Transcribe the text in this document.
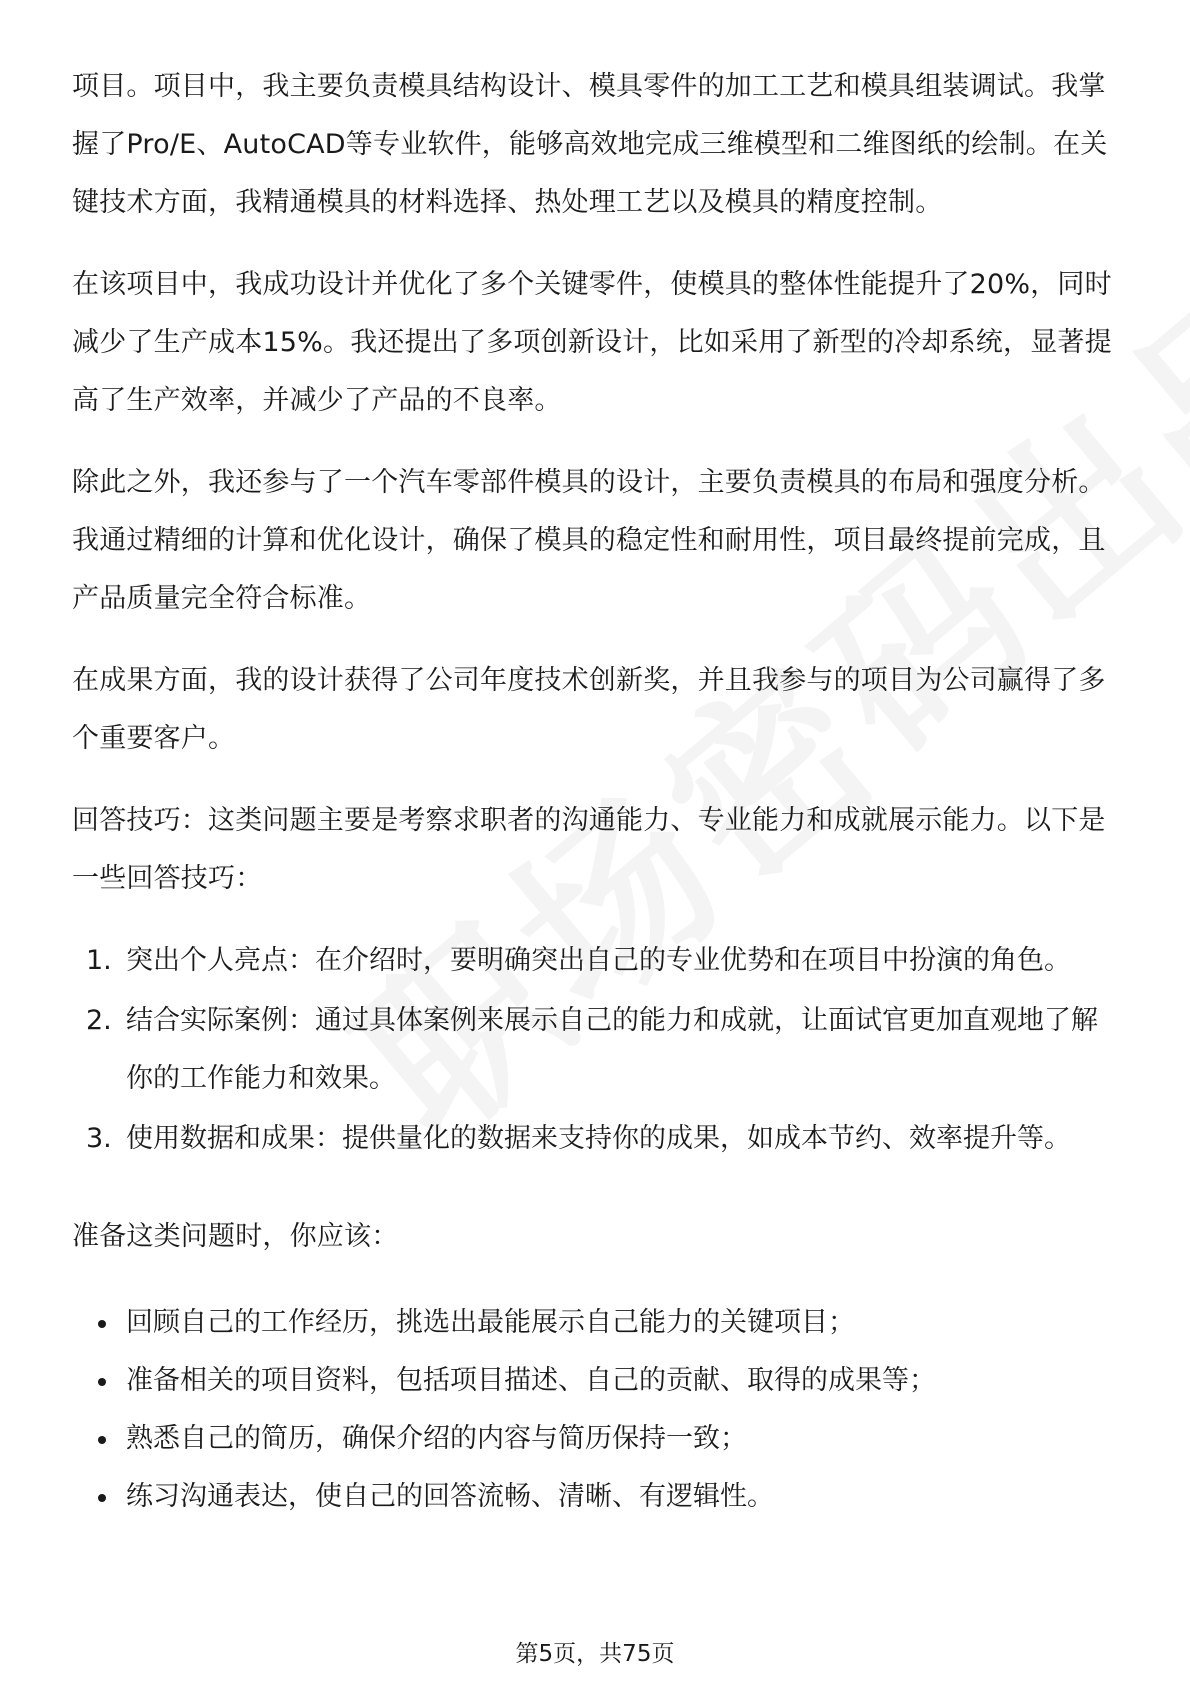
项目。项目中，我主要负责模具结构设计、模具零件的加工工艺和模具组装调试。我掌握了Pro/E、AutoCAD等专业软件，能够高效地完成三维模型和二维图纸的绘制。在关键技术方面，我精通模具的材料选择、热处理工艺以及模具的精度控制。

在该项目中，我成功设计并优化了多个关键零件，使模具的整体性能提升了20%，同时减少了生产成本15%。我还提出了多项创新设计，比如采用了新型的冷却系统，显著提高了生产效率，并减少了产品的不良率。

除此之外，我还参与了一个汽车零部件模具的设计，主要负责模具的布局和强度分析。我通过精细的计算和优化设计，确保了模具的稳定性和耐用性，项目最终提前完成，且产品质量完全符合标准。

在成果方面，我的设计获得了公司年度技术创新奖，并且我参与的项目为公司赢得了多个重要客户。

回答技巧：这类问题主要是考察求职者的沟通能力、专业能力和成就展示能力。以下是一些回答技巧：

1. 突出个人亮点：在介绍时，要明确突出自己的专业优势和在项目中扮演的角色。
2. 结合实际案例：通过具体案例来展示自己的能力和成就，让面试官更加直观地了解你的工作能力和效果。
3. 使用数据和成果：提供量化的数据来支持你的成果，如成本节约、效率提升等。

准备这类问题时，你应该：

回顾自己的工作经历，挑选出最能展示自己能力的关键项目；
准备相关的项目资料，包括项目描述、自己的贡献、取得的成果等；
熟悉自己的简历，确保介绍的内容与简历保持一致；
练习沟通表达，使自己的回答流畅、清晰、有逻辑性。
第5页，共75页
